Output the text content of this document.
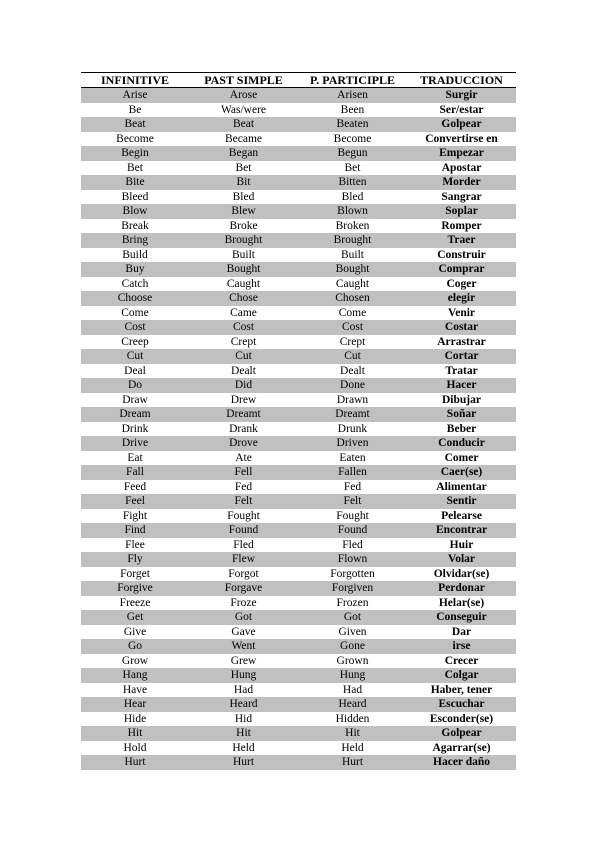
INFINITIVE	PAST SIMPLE	P. PARTICIPLE	TRADUCCION
Arise	Arose	Arisen	Surgir
Be	Was/were	Been	Ser/estar
Beat	Beat	Beaten	Golpear
Become	Became	Become	Convertirse en
Begin	Began	Begun	Empezar
Bet	Bet	Bet	Apostar
Bite	Bit	Bitten	Morder
Bleed	Bled	Bled	Sangrar
Blow	Blew	Blown	Soplar
Break	Broke	Broken	Romper
Bring	Brought	Brought	Traer
Build	Built	Built	Construir
Buy	Bought	Bought	Comprar
Catch	Caught	Caught	Coger
Choose	Chose	Chosen	elegir
Come	Came	Come	Venir
Cost	Cost	Cost	Costar
Creep	Crept	Crept	Arrastrar
Cut	Cut	Cut	Cortar
Deal	Dealt	Dealt	Tratar
Do	Did	Done	Hacer
Draw	Drew	Drawn	Dibujar
Dream	Dreamt	Dreamt	Soñar
Drink	Drank	Drunk	Beber
Drive	Drove	Driven	Conducir
Eat	Ate	Eaten	Comer
Fall	Fell	Fallen	Caer(se)
Feed	Fed	Fed	Alimentar
Feel	Felt	Felt	Sentir
Fight	Fought	Fought	Pelearse
Find	Found	Found	Encontrar
Flee	Fled	Fled	Huir
Fly	Flew	Flown	Volar
Forget	Forgot	Forgotten	Olvidar(se)
Forgive	Forgave	Forgiven	Perdonar
Freeze	Froze	Frozen	Helar(se)
Get	Got	Got	Conseguir
Give	Gave	Given	Dar
Go	Went	Gone	irse
Grow	Grew	Grown	Crecer
Hang	Hung	Hung	Colgar
Have	Had	Had	Haber, tener
Hear	Heard	Heard	Escuchar
Hide	Hid	Hidden	Esconder(se)
Hit	Hit	Hit	Golpear
Hold	Held	Held	Agarrar(se)
Hurt	Hurt	Hurt	Hacer daño
